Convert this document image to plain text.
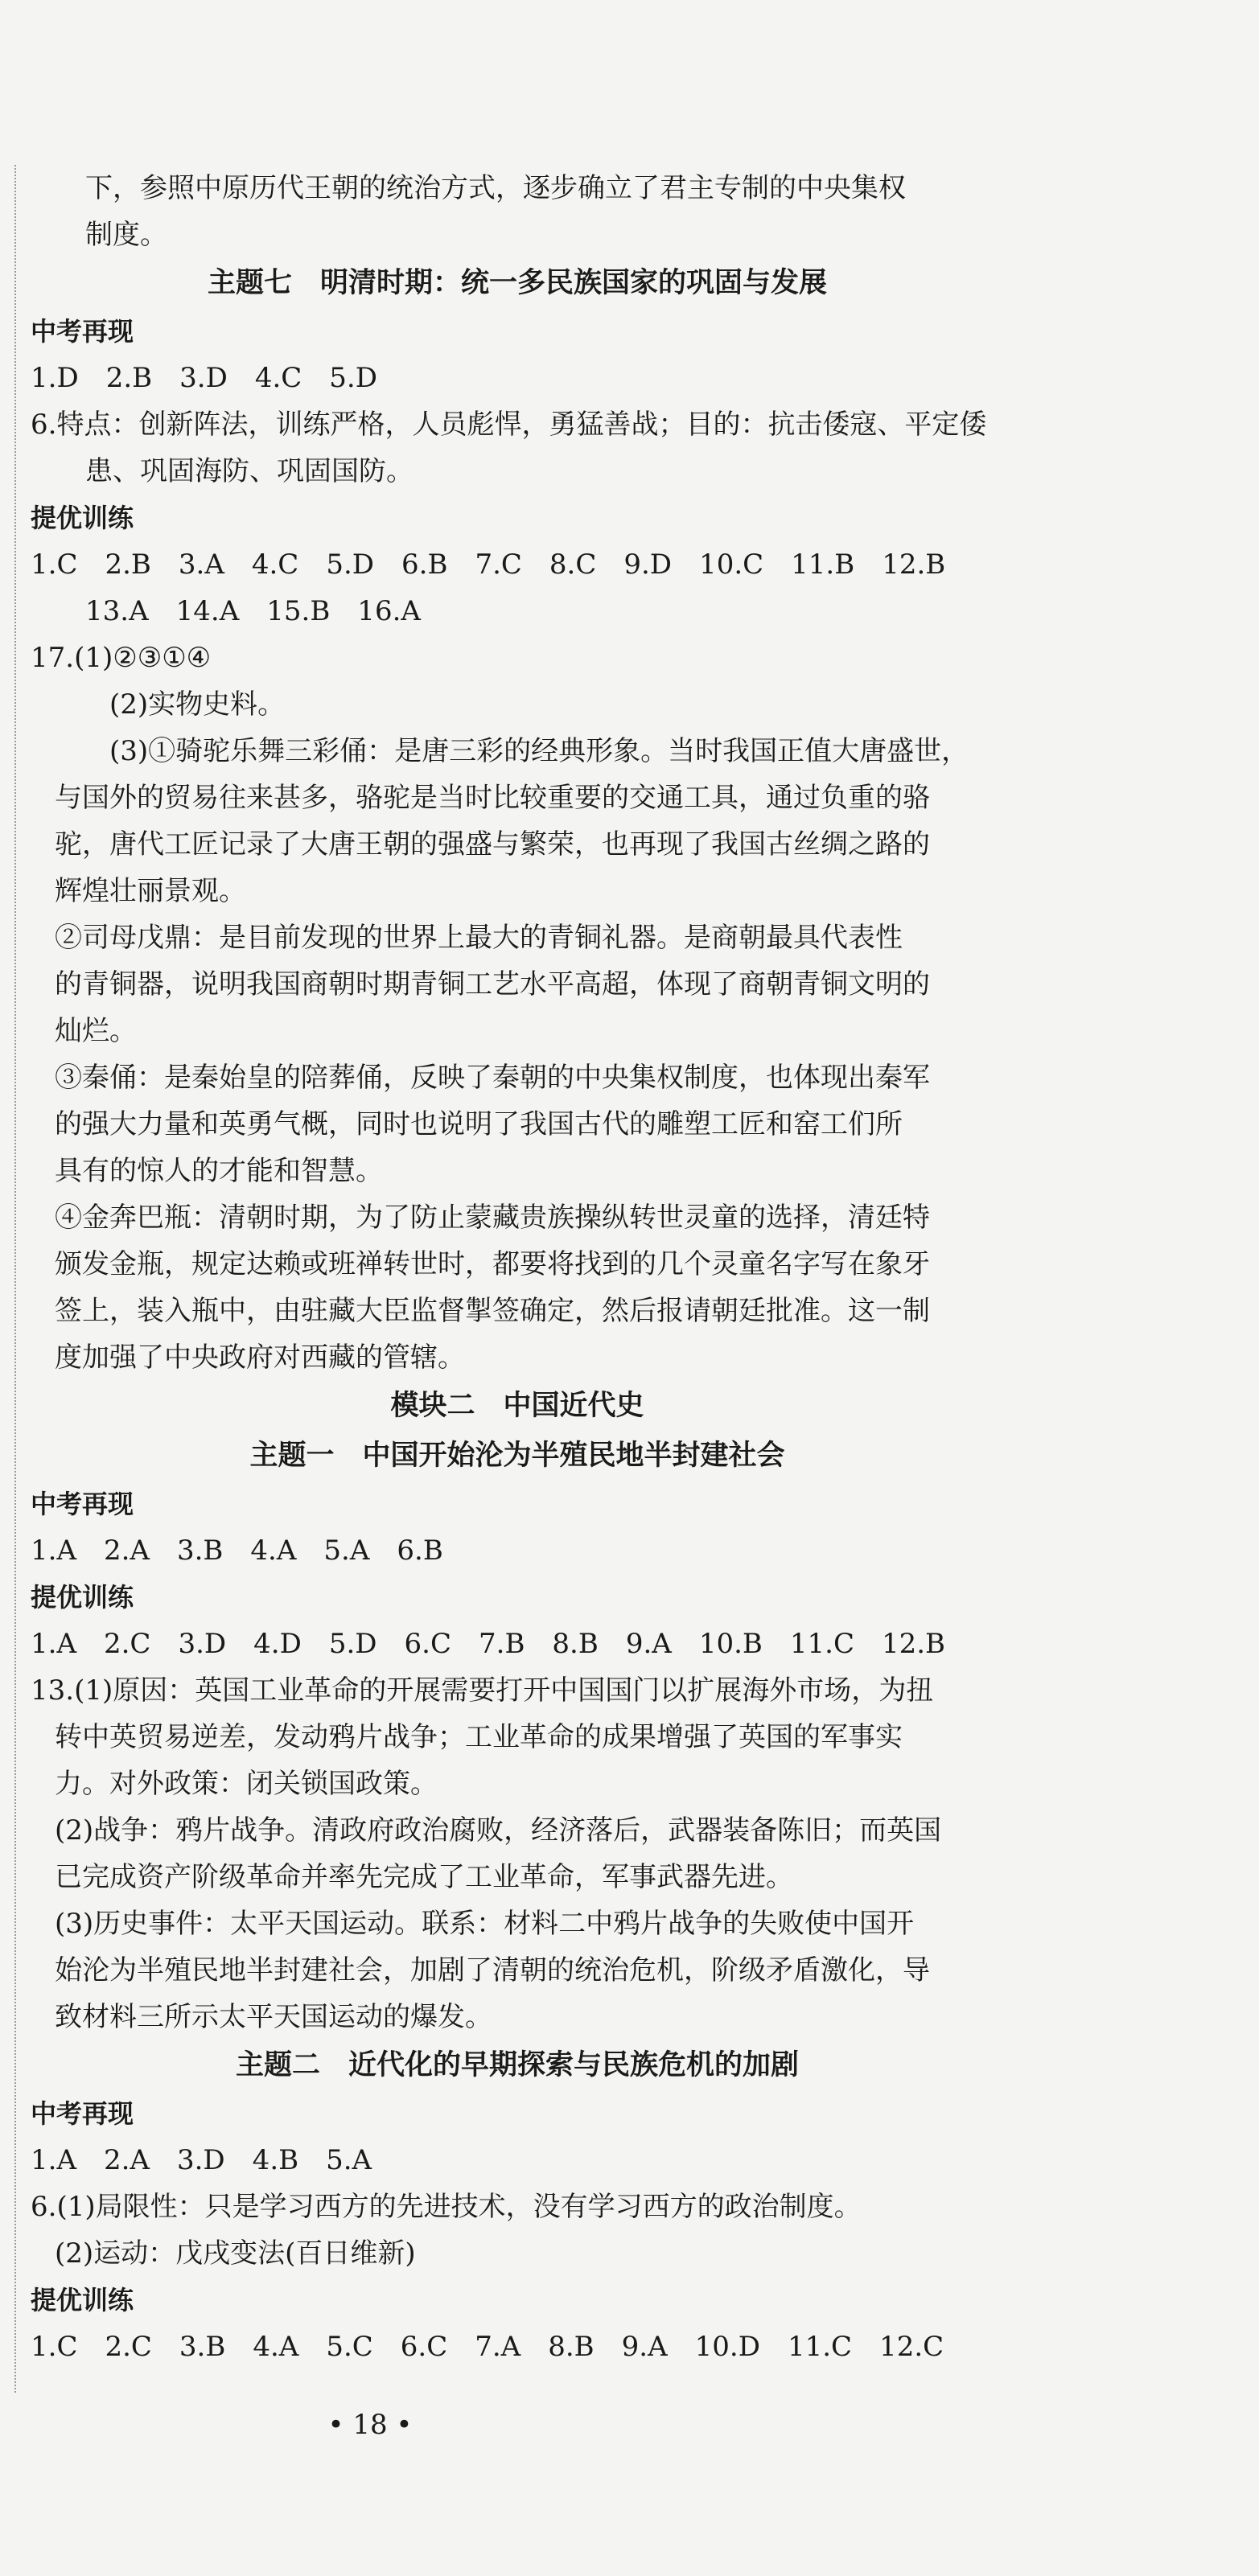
下，参照中原历代王朝的统治方式，逐步确立了君主专制的中央集权
制度。
主题七　明清时期：统一多民族国家的巩固与发展
中考再现
1.D　2.B　3.D　4.C　5.D
6.特点：创新阵法，训练严格，人员彪悍，勇猛善战；目的：抗击倭寇、平定倭
患、巩固海防、巩固国防。
提优训练
1.C　2.B　3.A　4.C　5.D　6.B　7.C　8.C　9.D　10.C　11.B　12.B
13.A　14.A　15.B　16.A
17.(1)②③①④
(2)实物史料。
(3)①骑驼乐舞三彩俑：是唐三彩的经典形象。当时我国正值大唐盛世，
与国外的贸易往来甚多，骆驼是当时比较重要的交通工具，通过负重的骆
驼，唐代工匠记录了大唐王朝的强盛与繁荣，也再现了我国古丝绸之路的
辉煌壮丽景观。
②司母戊鼎：是目前发现的世界上最大的青铜礼器。是商朝最具代表性
的青铜器，说明我国商朝时期青铜工艺水平高超，体现了商朝青铜文明的
灿烂。
③秦俑：是秦始皇的陪葬俑，反映了秦朝的中央集权制度，也体现出秦军
的强大力量和英勇气概，同时也说明了我国古代的雕塑工匠和窑工们所
具有的惊人的才能和智慧。
④金奔巴瓶：清朝时期，为了防止蒙藏贵族操纵转世灵童的选择，清廷特
颁发金瓶，规定达赖或班禅转世时，都要将找到的几个灵童名字写在象牙
签上，装入瓶中，由驻藏大臣监督掣签确定，然后报请朝廷批准。这一制
度加强了中央政府对西藏的管辖。
模块二　中国近代史
主题一　中国开始沦为半殖民地半封建社会
中考再现
1.A　2.A　3.B　4.A　5.A　6.B
提优训练
1.A　2.C　3.D　4.D　5.D　6.C　7.B　8.B　9.A　10.B　11.C　12.B
13.(1)原因：英国工业革命的开展需要打开中国国门以扩展海外市场，为扭
转中英贸易逆差，发动鸦片战争；工业革命的成果增强了英国的军事实
力。对外政策：闭关锁国政策。
(2)战争：鸦片战争。清政府政治腐败，经济落后，武器装备陈旧；而英国
已完成资产阶级革命并率先完成了工业革命，军事武器先进。
(3)历史事件：太平天国运动。联系：材料二中鸦片战争的失败使中国开
始沦为半殖民地半封建社会，加剧了清朝的统治危机，阶级矛盾激化，导
致材料三所示太平天国运动的爆发。
主题二　近代化的早期探索与民族危机的加剧
中考再现
1.A　2.A　3.D　4.B　5.A
6.(1)局限性：只是学习西方的先进技术，没有学习西方的政治制度。
(2)运动：戊戌变法(百日维新)
提优训练
1.C　2.C　3.B　4.A　5.C　6.C　7.A　8.B　9.A　10.D　11.C　12.C
• 18 •
